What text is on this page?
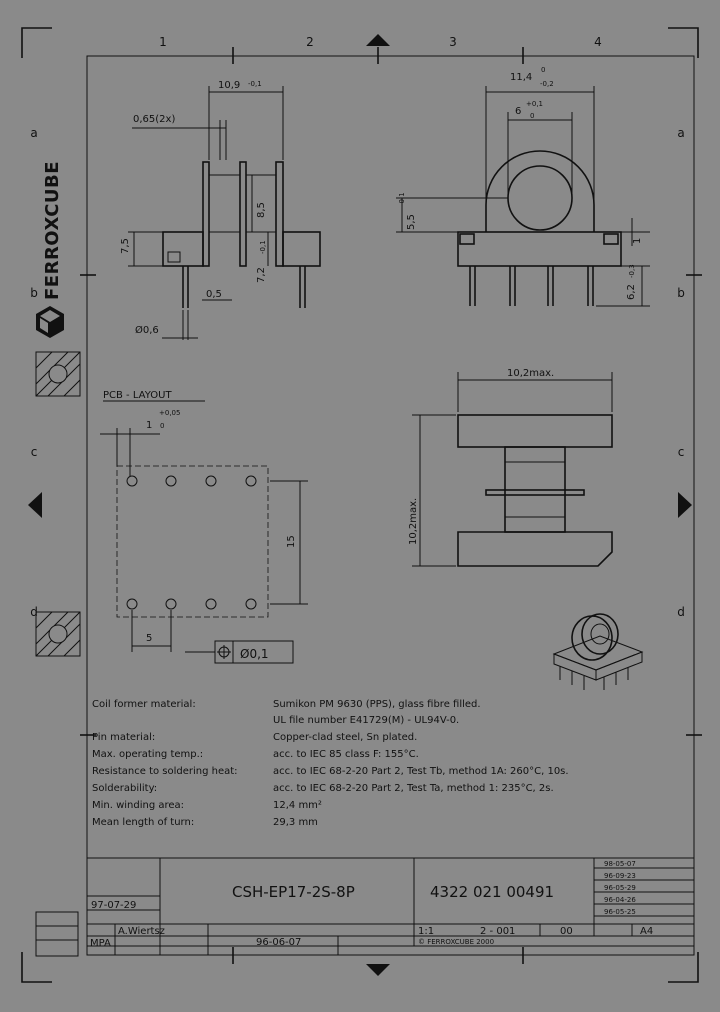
1	2	3	4
a
b
c
d
a
b
c
d
FERROXCUBE
10,9 -0,1
0,65(2x)
7,5
7,2
-0,1
8,5
0,5
Ø0,6
11,4
0
-0,2
6
+0,1
0
5,5
-0,1
6,2
-0,3
1
10,2max.
10,2max.
PCB - LAYOUT
1
+0,05
0
15
5
Ø0,1
Coil former material:	Sumikon PM 9630 (PPS), glass fibre filled.
UL file number E41729(M) - UL94V-0.
Pin material:	Copper-clad steel, Sn plated.
Max. operating temp.:	acc. to IEC 85 class F: 155°C.
Resistance to soldering heat:	acc. to IEC 68-2-20 Part 2, Test Tb, method 1A: 260°C, 10s.
Solderability:	acc. to IEC 68-2-20 Part 2, Test Ta, method 1: 235°C, 2s.
Min. winding area:	12,4 mm²
Mean length of turn:	29,3 mm
CSH-EP17-2S-8P	4322 021 00491
97-07-29
A.Wiertsz
96-06-07
1:1	2 - 001	00	A4
MPA	© FERROXCUBE 2000
98-05-07
96-09-23
96-05-29
96-04-26
96-05-25
